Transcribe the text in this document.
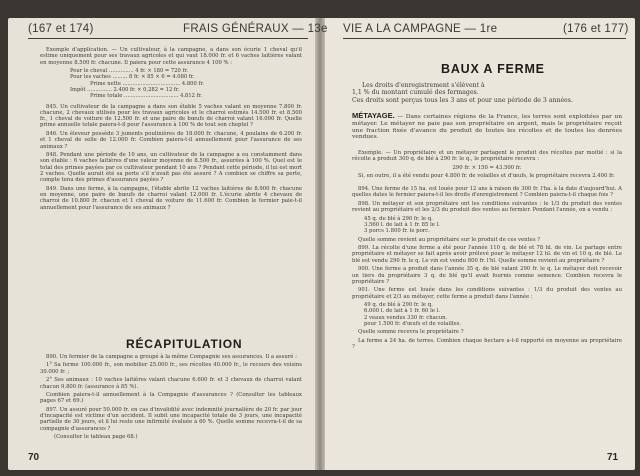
(167 et 174)	FRAIS GÉNÉRAUX — 13e

Exemple d'application. — Un cultivateur, à la campagne, a dans son écurie 1 cheval qu'il estime uniquement pour ses travaux agricoles et qui vaut 18.000 fr. et 6 vaches laitières valant en moyenne 8.500 fr. chacune. Il paiera pour cette assurance 4 100 % :

Pour le cheval ............... 4 fr. × 180 = 720 fr.
Pour les vaches ......... 8 fr. × 85 × 6 = 4.080 fr.
Prime nette ................................... 4.800 fr.
Impôt ............... 2.400 fr. × 0,282 = 12 fr.
Prime totale ................................. 4.812 fr.

845. Un cultivateur de la campagne a dans son étable 5 vaches valant en moyenne 7.800 fr. chacune, 2 chevaux utilisés pour les travaux agricoles et le charroi estimés 14.500 fr. et 8.500 fr., 1 cheval de voiture de 12.500 fr. et une paire de bœufs de charroi valant 16.000 fr. Quelle prime annuelle totale paiera-t-il pour l'assurance à 100 % de tout son cheptel ?

846. Un éleveur possède 3 juments poulinières de 18.000 fr. chacune, 4 poulains de 6.200 fr. et 1 cheval de selle de 12.000 fr. Combien paiera-t-il annuellement pour l'assurance de ses animaux ?

848. Pendant une période de 10 ans, un cultivateur de la campagne a eu constamment dans son étable : 6 vaches laitières d'une valeur moyenne de 8.500 fr., assurées à 100 %. Quel est le total des primes payées par ce cultivateur pendant 10 ans ? Pendant cette période, il lui est mort 2 vaches. Quelle aurait été sa perte s'il n'avait pas été assuré ? A combien se chiffre sa perte, compte tenu des primes d'assurance payées ?

849. Dans une ferme, à la campagne, l'étable abrite 12 vaches laitières de 8.900 fr. chacune en moyenne, une paire de bœufs de charroi valant 12.000 fr. L'écurie abrite 4 chevaux de charroi de 10.800 fr. chacun et 1 cheval de voiture de 11.600 fr. Combien le fermier paie-t-il annuellement pour l'assurance de ses animaux ?

RÉCAPITULATION

890. Un fermier de la campagne a groupé à la même Compagnie ses assurances. Il a assuré :

1° Sa ferme 100.000 fr., son mobilier 25.000 fr., ses récoltes 40.000 fr., le recours des voisins 30.000 fr. ;

2° Ses animaux : 10 vaches laitières valant chacune 6.600 fr. et 3 chevaux de charroi valant chacun 9.800 fr. (assurance à 85 %).

Combien paiera-t-il annuellement à la Compagnie d'assurances ? (Consulter les tableaux pages 67 et 69.)

897. Un assuré pour 50.000 fr. en cas d'invalidité avec indemnité journalière de 20 fr. par jour d'incapacité est victime d'un accident. Il subit une incapacité totale de 3 jours, une incapacité partielle de 30 jours, et il lui reste une infirmité évaluée à 60 %. Quelle somme recevra-t-il de sa compagnie d'assurances ?

(Consulter le tableau page 68.)

70
VIE A LA CAMPAGNE — 1re	(176 et 177)
BAUX A FERME
Les droits d'enregistrement s'élèvent à
1,1 % du montant cumulé des fermages.
Ces droits sont perçus tous les 3 ans et pour une période de 3 années.
MÉTAYAGE. — Dans certaines régions de la France, les terres sont exploitées par un métayer. Le métayer ne paie pas son propriétaire en argent, mais le propriétaire reçoit une fraction fixée d'avance du produit de toutes les récoltes et de toutes les denrées vendues.

Exemple. — Un propriétaire et un métayer partagent le produit des récoltes par moitié : si la récolte a produit 300 q. de blé à 290 fr. le q., le propriétaire recevra :

290 fr. × 150 = 43.500 fr.

Si, en outre, il a été vendu pour 4.800 fr. de volailles et d'œufs, le propriétaire recevra 2.400 fr.

894. Une ferme de 15 ha. est louée pour 12 ans à raison de 300 fr. l'ha. à la date d'aujourd'hui. A quelles dates le fermier paiera-t-il les droits d'enregistrement ? Combien paiera-t-il chaque fois ?

898. Un métayer et son propriétaire ont les conditions suivantes : le 1/3 du produit des ventes revient au propriétaire et les 2/3 du produit des ventes au fermier. Pendant l'année, on a vendu :

45 q. de blé à 290 fr. le q.

3.560 l. de lait à 1 fr. 85 le l.

3 porcs 1.800 fr. le porc.

Quelle somme revient au propriétaire sur le produit de ces ventes ?

899. La récolte d'une ferme a été pour l'année 110 q. de blé et 78 hl. de vin. Le partage entre propriétaire et métayer se fait après avoir prélevé pour le métayer 12 hl. de vin et 10 q. de blé. Le blé est vendu 290 fr. le q. Le vin est vendu 800 fr. l'hl. Quelle somme revient au propriétaire ?

900. Une ferme a produit dans l'année 35 q. de blé valant 290 fr. le q. Le métayer doit recevoir un tiers du propriétaire 3 q. de blé qu'il avait fournis comme semence. Combien recevra le propriétaire ?

901. Une ferme est louée dans les conditions suivantes : 1/3 du produit des ventes au propriétaire et 2/3 au métayer, cette ferme a produit dans l'année :

49 q. de blé à 290 fr. le q.

6.000 l. de lait à 1 fr. 60 le l.

2 veaux vendus 330 fr. chacun.

pour 1.500 fr. d'œufs et de volailles.

Quelle somme recevra le propriétaire ?

La ferme a 24 ha. de terres. Combien chaque hectare a-t-il rapporté en moyenne au propriétaire ?

71
